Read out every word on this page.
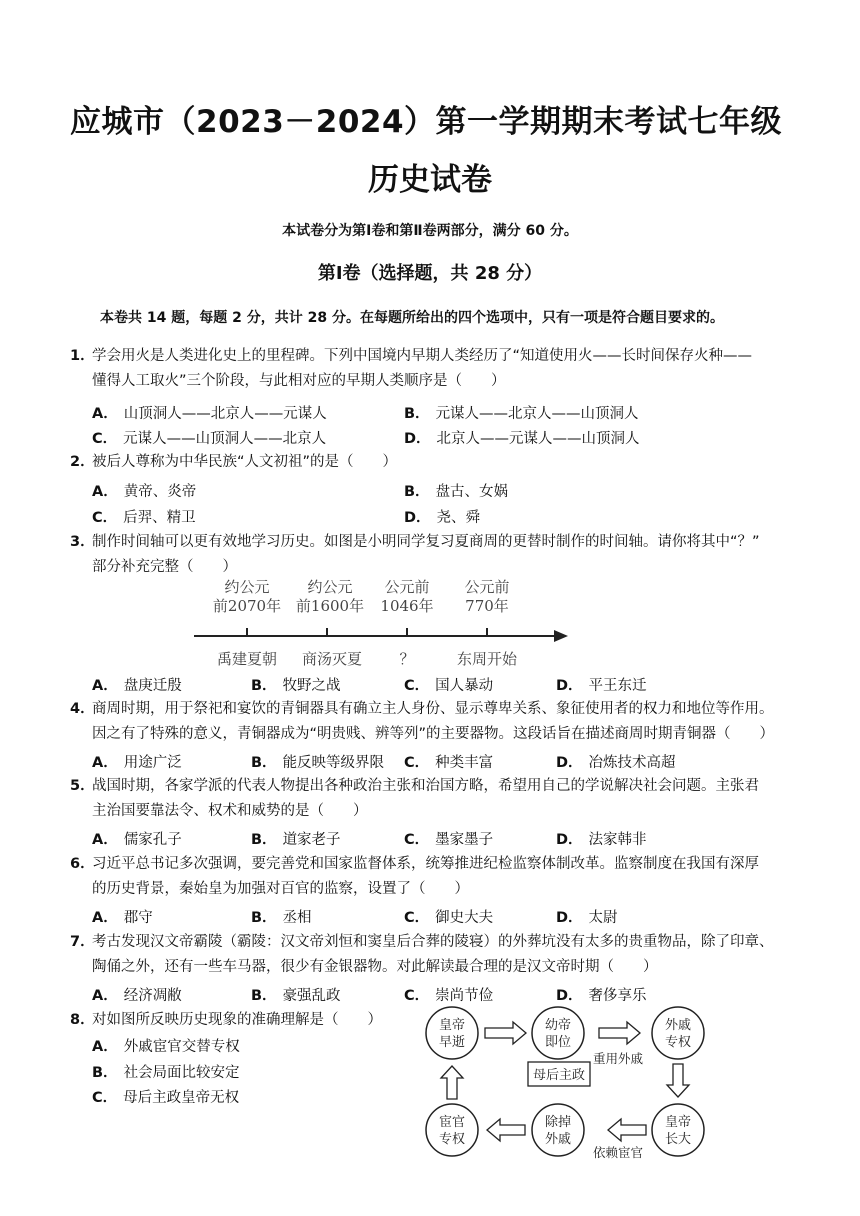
应城市（2023－2024）第一学期期末考试七年级
历史试卷
本试卷分为第Ⅰ卷和第Ⅱ卷两部分，满分 60 分。
第Ⅰ卷（选择题，共 28 分）
本卷共 14 题，每题 2 分，共计 28 分。在每题所给出的四个选项中，只有一项是符合题目要求的。
1．
学会用火是人类进化史上的里程碑。下列中国境内早期人类经历了“知道使用火——长时间保存火种——
懂得人工取火”三个阶段，与此相对应的早期人类顺序是（　　）
A． 山顶洞人——北京人——元谋人	B． 元谋人——北京人——山顶洞人
C． 元谋人——山顶洞人——北京人	D． 北京人——元谋人——山顶洞人
2．
被后人尊称为中华民族“人文初祖”的是（　　）
A． 黄帝、炎帝	B． 盘古、女娲
C． 后羿、精卫	D． 尧、舜
3．
制作时间轴可以更有效地学习历史。如图是小明同学复习夏商周的更替时制作的时间轴。请你将其中“？”
部分补充完整（　　）
约公元
前2070年
约公元
前1600年
公元前
1046年
公元前
770年
禹建夏朝 商汤灭夏 ？	东周开始
A． 盘庚迁殷	B． 牧野之战	C． 国人暴动	D． 平王东迁
4．
商周时期，用于祭祀和宴饮的青铜器具有确立主人身份、显示尊卑关系、象征使用者的权力和地位等作用。
因之有了特殊的意义，青铜器成为“明贵贱、辨等列”的主要器物。这段话旨在描述商周时期青铜器（　　）
A． 用途广泛	B． 能反映等级界限 C． 种类丰富	D． 冶炼技术高超
5．
战国时期，各家学派的代表人物提出各种政治主张和治国方略，希望用自己的学说解决社会问题。主张君
主治国要靠法令、权术和威势的是（　　）
A． 儒家孔子	B． 道家老子	C． 墨家墨子	D． 法家韩非
6．
习近平总书记多次强调，要完善党和国家监督体系，统筹推进纪检监察体制改革。监察制度在我国有深厚
的历史背景，秦始皇为加强对百官的监察，设置了（　　）
A． 郡守	B． 丞相	C． 御史大夫	D． 太尉
7．
考古发现汉文帝霸陵（霸陵：汉文帝刘恒和窦皇后合葬的陵寝）的外葬坑没有太多的贵重物品，除了印章、
陶俑之外，还有一些车马器，很少有金银器物。对此解读最合理的是汉文帝时期（　　）
A． 经济凋敝	B． 豪强乱政	C． 崇尚节俭	D． 奢侈享乐
8．
对如图所反映历史现象的准确理解是（　　）
A． 外戚宦官交替专权
B． 社会局面比较安定
C． 母后主政皇帝无权
皇帝
早逝
幼帝
即位
外戚
专权
皇帝
长大
除掉
外戚
宦官
专权
母后主政
重用外戚
依赖宦官
